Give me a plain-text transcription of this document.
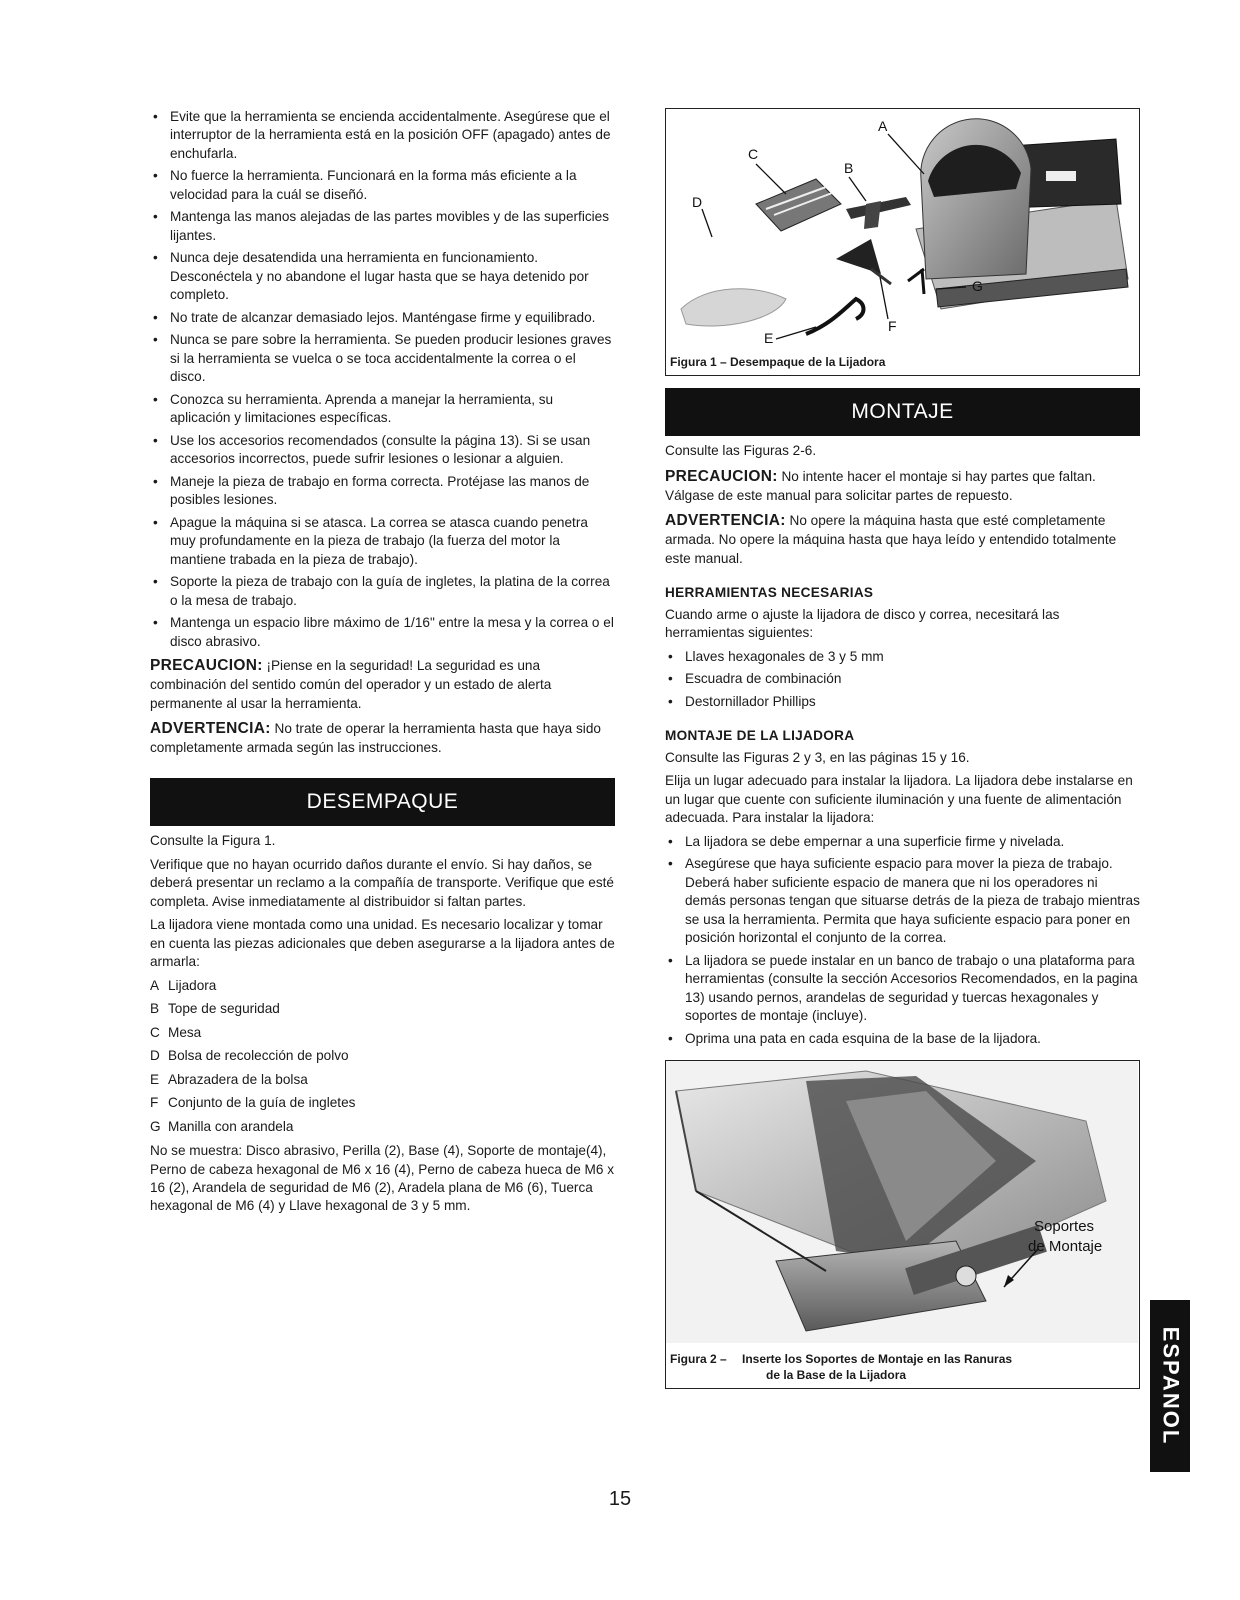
• Evite que la herramienta se encienda accidentalmente. Asegúrese que el interruptor de la herramienta está en la posición OFF (apagado) antes de enchufarla.
• No fuerce la herramienta. Funcionará en la forma más eficiente a la velocidad para la cuál se diseñó.
• Mantenga las manos alejadas de las partes movibles y de las superficies lijantes.
• Nunca deje desatendida una herramienta en funcionamiento. Desconéctela y no abandone el lugar hasta que se haya detenido por completo.
• No trate de alcanzar demasiado lejos. Manténgase firme y equilibrado.
• Nunca se pare sobre la herramienta. Se pueden producir lesiones graves si la herramienta se vuelca o se toca accidentalmente la correa o el disco.
• Conozca su herramienta. Aprenda a manejar la herramienta, su aplicación y limitaciones específicas.
• Use los accesorios recomendados (consulte la página 13). Si se usan accesorios incorrectos, puede sufrir lesiones o lesionar a alguien.
• Maneje la pieza de trabajo en forma correcta. Protéjase las manos de posibles lesiones.
• Apague la máquina si se atasca. La correa se atasca cuando penetra muy profundamente en la pieza de trabajo (la fuerza del motor la mantiene trabada en la pieza de trabajo).
• Soporte la pieza de trabajo con la guía de ingletes, la platina de la correa o la mesa de trabajo.
• Mantenga un espacio libre máximo de 1/16" entre la mesa y la correa o el disco abrasivo.

PRECAUCION: ¡Piense en la seguridad! La seguridad es una combinación del sentido común del operador y un estado de alerta permanente al usar la herramienta.

ADVERTENCIA: No trate de operar la herramienta hasta que haya sido completamente armada según las instrucciones.

DESEMPAQUE

Consulte la Figura 1.

Verifique que no hayan ocurrido daños durante el envío. Si hay daños, se deberá presentar un reclamo a la compañía de transporte. Verifique que esté completa. Avise inmediatamente al distribuidor si faltan partes.

La lijadora viene montada como una unidad. Es necesario localizar y tomar en cuenta las piezas adicionales que deben asegurarse a la lijadora antes de armarla:

A Lijadora
B Tope de seguridad
C Mesa
D Bolsa de recolección de polvo
E Abrazadera de la bolsa
F Conjunto de la guía de ingletes
G Manilla con arandela

No se muestra: Disco abrasivo, Perilla (2), Base (4), Soporte de montaje(4), Perno de cabeza hexagonal de M6 x 16 (4), Perno de cabeza hueca de M6 x 16 (2), Arandela de seguridad de M6 (2), Aradela plana de M6 (6), Tuerca hexagonal de M6 (4) y Llave hexagonal de 3 y 5 mm.

A
B
C
D
E
F
G
Figura 1 – Desempaque de la Lijadora
MONTAJE

Consulte las Figuras 2-6.

PRECAUCION: No intente hacer el montaje si hay partes que faltan. Válgase de este manual para solicitar partes de repuesto.

ADVERTENCIA: No opere la máquina hasta que esté completamente armada. No opere la máquina hasta que haya leído y entendido totalmente este manual.

HERRAMIENTAS NECESARIAS

Cuando arme o ajuste la lijadora de disco y correa, necesitará las herramientas siguientes:

• Llaves hexagonales de 3 y 5 mm
• Escuadra de combinación
• Destornillador Phillips
MONTAJE DE LA LIJADORA

Consulte las Figuras 2 y 3, en las páginas 15 y 16.

Elija un lugar adecuado para instalar la lijadora. La lijadora debe instalarse en un lugar que cuente con suficiente iluminación y una fuente de alimentación adecuada. Para instalar la lijadora:

• La lijadora se debe empernar a una superficie firme y nivelada.
• Asegúrese que haya suficiente espacio para mover la pieza de trabajo. Deberá haber suficiente espacio de manera que ni los operadores ni demás personas tengan que situarse detrás de la pieza de trabajo mientras se usa la herramienta. Permita que haya suficiente espacio para poner en posición horizontal el conjunto de la correa.
• La lijadora se puede instalar en un banco de trabajo o una plataforma para herramientas (consulte la sección Accesorios Recomendados, en la pagina 13) usando pernos, arandelas de seguridad y tuercas hexagonales y soportes de montaje (incluye).
• Oprima una pata en cada esquina de la base de la lijadora.
Soportes
de Montaje
Figura 2 – Inserte los Soportes de Montaje en las Ranuras
de la Base de la Lijadora	ESPANOL
15
